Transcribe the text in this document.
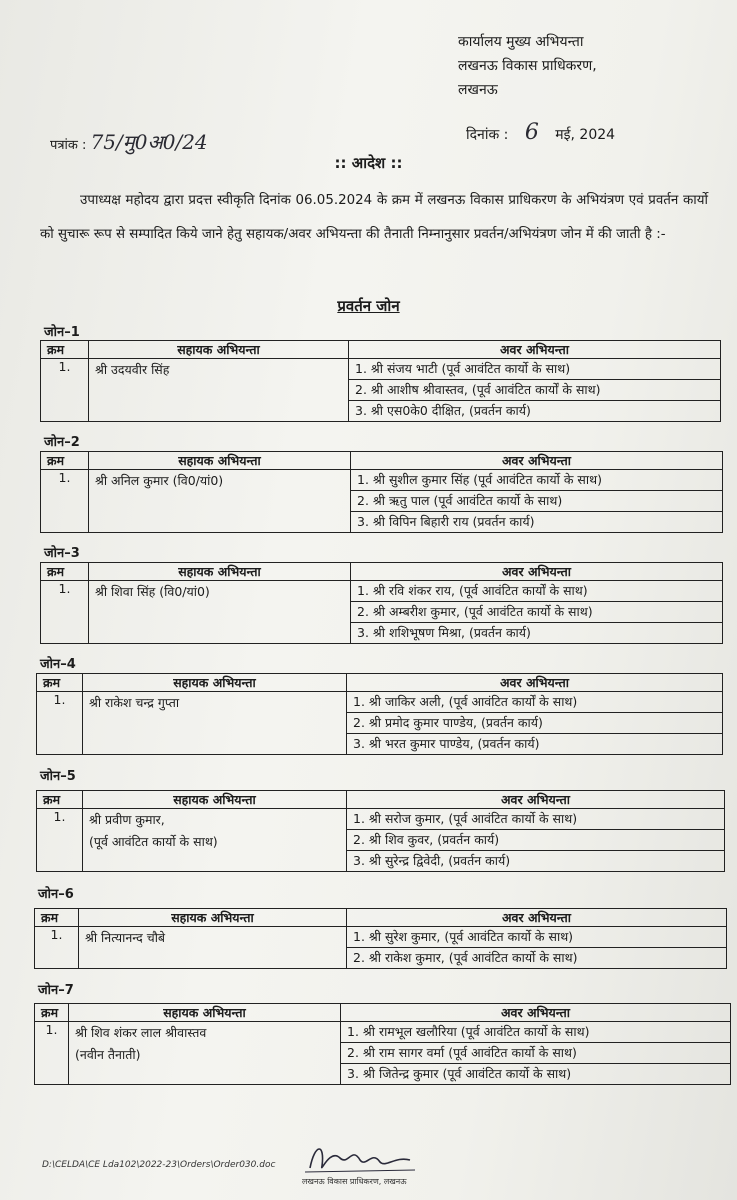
कार्यालय मुख्य अभियन्ता
लखनऊ विकास प्राधिकरण,
लखनऊ
पत्रांक : 75/मु0अ0/24	दिनांक : 6 मई, 2024
:: आदेश ::
उपाध्यक्ष महोदय द्वारा प्रदत्त स्वीकृति दिनांक 06.05.2024 के क्रम में लखनऊ विकास प्राधिकरण के अभियंत्रण एवं प्रवर्तन कार्यो को सुचारू रूप से सम्पादित किये जाने हेतु सहायक/अवर अभियन्ता की तैनाती निम्नानुसार प्रवर्तन/अभियंत्रण जोन में की जाती है :-
प्रवर्तन जोन
जोन–1
क्रम	सहायक अभियन्ता	अवर अभियन्ता
1.	श्री उदयवीर सिंह	1. श्री संजय भाटी (पूर्व आवंटित कार्यो के साथ)
		2. श्री आशीष श्रीवास्तव, (पूर्व आवंटित कार्यों के साथ)
		3. श्री एस0के0 दीक्षित, (प्रवर्तन कार्य)
जोन–2
क्रम	सहायक अभियन्ता	अवर अभियन्ता
1.	श्री अनिल कुमार (वि0/यां0)	1. श्री सुशील कुमार सिंह (पूर्व आवंटित कार्यो के साथ)
		2. श्री ऋतु पाल (पूर्व आवंटित कार्यो के साथ)
		3. श्री विपिन बिहारी राय (प्रवर्तन कार्य)
जोन–3
क्रम	सहायक अभियन्ता	अवर अभियन्ता
1.	श्री शिवा सिंह (वि0/यां0)	1. श्री रवि शंकर राय, (पूर्व आवंटित कार्यों के साथ)
		2. श्री अम्बरीश कुमार, (पूर्व आवंटित कार्यो के साथ)
		3. श्री शशिभूषण मिश्रा, (प्रवर्तन कार्य)
जोन–4
क्रम	सहायक अभियन्ता	अवर अभियन्ता
1.	श्री राकेश चन्द्र गुप्ता	1. श्री जाकिर अली, (पूर्व आवंटित कार्यों के साथ)
		2. श्री प्रमोद कुमार पाण्डेय, (प्रवर्तन कार्य)
		3. श्री भरत कुमार पाण्डेय, (प्रवर्तन कार्य)
जोन–5
क्रम	सहायक अभियन्ता	अवर अभियन्ता
1.	श्री प्रवीण कुमार,
(पूर्व आवंटित कार्यो के साथ)	1. श्री सरोज कुमार, (पूर्व आवंटित कार्यो के साथ)
		2. श्री शिव कुवर, (प्रवर्तन कार्य)
		3. श्री सुरेन्द्र द्विवेदी, (प्रवर्तन कार्य)
जोन–6
क्रम	सहायक अभियन्ता	अवर अभियन्ता
1.	श्री नित्यानन्द चौबे	1. श्री सुरेश कुमार, (पूर्व आवंटित कार्यो के साथ)
		2. श्री राकेश कुमार, (पूर्व आवंटित कार्यो के साथ)
जोन–7
क्रम	सहायक अभियन्ता	अवर अभियन्ता
1.	श्री शिव शंकर लाल श्रीवास्तव
(नवीन तैनाती)	1. श्री रामभूल खलौरिया (पूर्व आवंटित कार्यो के साथ)
		2. श्री राम सागर वर्मा (पूर्व आवंटित कार्यो के साथ)
		3. श्री जितेन्द्र कुमार (पूर्व आवंटित कार्यो के साथ)
D:\CELDA\CE Lda102\2022-23\Orders\Order030.doc
लखनऊ विकास प्राधिकरण, लखनऊ
